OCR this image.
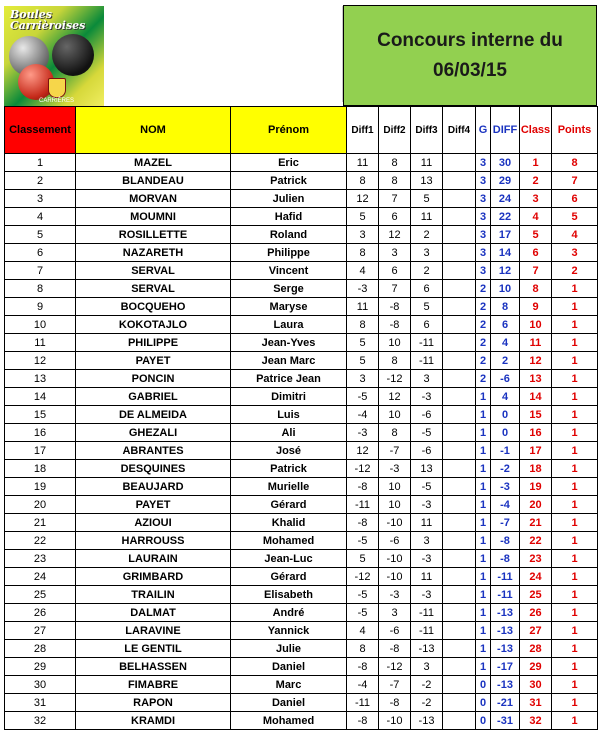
Boules
Carrièroises
CARRIÈRES
Concours interne du
06/03/15
Classement	NOM	Prénom	Diff1	Diff2	Diff3	Diff4	G	DIFF	Class	Points
1	MAZEL	Eric	11	8	11		3	30	1	8
2	BLANDEAU	Patrick	8	8	13		3	29	2	7
3	MORVAN	Julien	12	7	5		3	24	3	6
4	MOUMNI	Hafid	5	6	11		3	22	4	5
5	ROSILLETTE	Roland	3	12	2		3	17	5	4
6	NAZARETH	Philippe	8	3	3		3	14	6	3
7	SERVAL	Vincent	4	6	2		3	12	7	2
8	SERVAL	Serge	-3	7	6		2	10	8	1
9	BOCQUEHO	Maryse	11	-8	5		2	8	9	1
10	KOKOTAJLO	Laura	8	-8	6		2	6	10	1
11	PHILIPPE	Jean-Yves	5	10	-11		2	4	11	1
12	PAYET	Jean Marc	5	8	-11		2	2	12	1
13	PONCIN	Patrice Jean	3	-12	3		2	-6	13	1
14	GABRIEL	Dimitri	-5	12	-3		1	4	14	1
15	DE ALMEIDA	Luis	-4	10	-6		1	0	15	1
16	GHEZALI	Ali	-3	8	-5		1	0	16	1
17	ABRANTES	José	12	-7	-6		1	-1	17	1
18	DESQUINES	Patrick	-12	-3	13		1	-2	18	1
19	BEAUJARD	Murielle	-8	10	-5		1	-3	19	1
20	PAYET	Gérard	-11	10	-3		1	-4	20	1
21	AZIOUI	Khalid	-8	-10	11		1	-7	21	1
22	HARROUSS	Mohamed	-5	-6	3		1	-8	22	1
23	LAURAIN	Jean-Luc	5	-10	-3		1	-8	23	1
24	GRIMBARD	Gérard	-12	-10	11		1	-11	24	1
25	TRAILIN	Elisabeth	-5	-3	-3		1	-11	25	1
26	DALMAT	André	-5	3	-11		1	-13	26	1
27	LARAVINE	Yannick	4	-6	-11		1	-13	27	1
28	LE GENTIL	Julie	8	-8	-13		1	-13	28	1
29	BELHASSEN	Daniel	-8	-12	3		1	-17	29	1
30	FIMABRE	Marc	-4	-7	-2		0	-13	30	1
31	RAPON	Daniel	-11	-8	-2		0	-21	31	1
32	KRAMDI	Mohamed	-8	-10	-13		0	-31	32	1
